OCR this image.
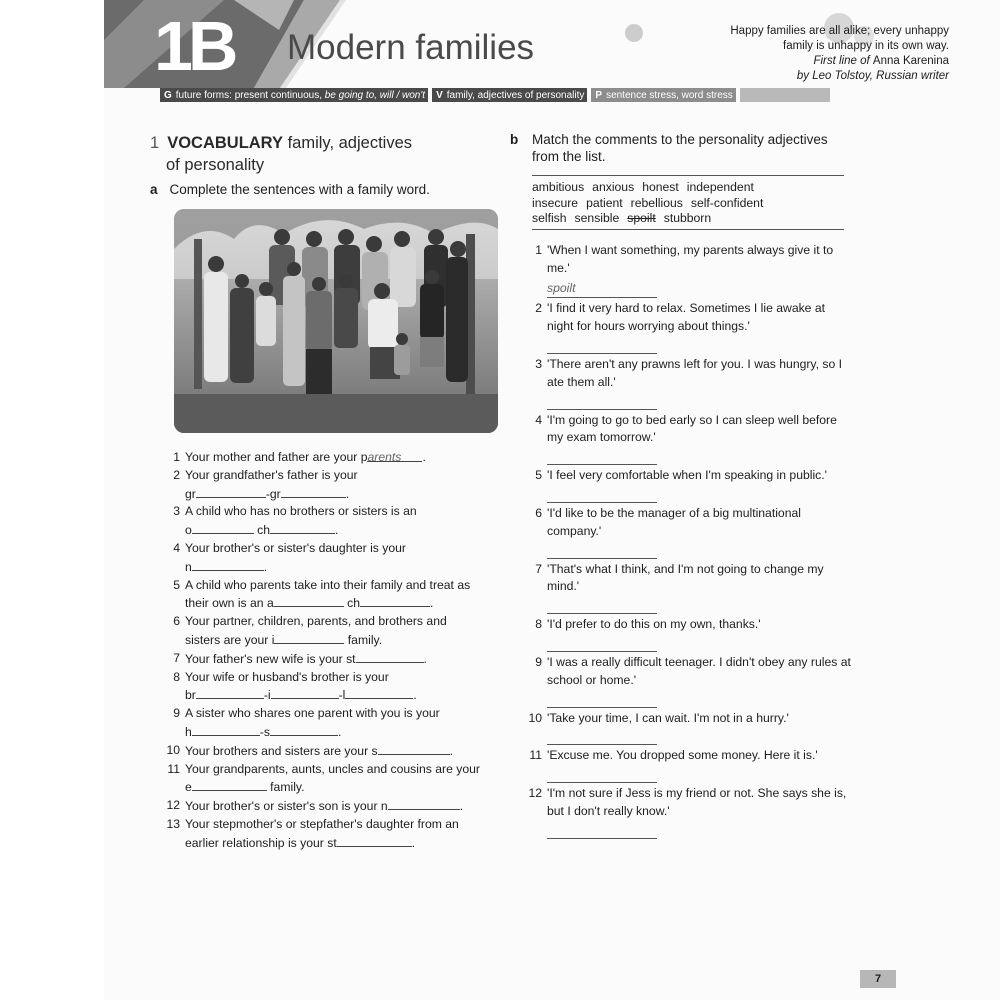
1B Modern families	Happy families are all alike; every unhappy
family is unhappy in its own way.
First line of Anna Karenina
by Leo Tolstoy, Russian writer
G future forms: present continuous,
be going to, will / won't	V family, adjectives of personality	P sentence stress, word stress
1 VOCABULARY family, adjectives
of personality
a Complete the sentences with a family word.
1 Your mother and father are your parents .
2 Your grandfather's father is your
gr	-gr	.
3 A child who has no brothers or sisters is an
o	ch	.
4 Your brother's or sister's daughter is your
n	.
5 A child who parents take into their family and treat as
their own is an a	ch	.
6 Your partner, children, parents, and brothers and
sisters are your i	family.
7 Your father's new wife is your st	.
8 Your wife or husband's brother is your
br	-i	-l	.
9 A sister who shares one parent with you is your
h	-s	.
10 Your brothers and sisters are your s	.
11 Your grandparents, aunts, uncles and cousins are your
e	family.
12 Your brother's or sister's son is your n	.
13 Your stepmother's or stepfather's daughter from an
earlier relationship is your st	.
b	Match the comments to the personality adjectives from the list.
ambitious anxious honest independent
insecure patient rebellious self-confident
selfish sensible spoilt stubborn
1 'When I want something, my parents always give it to me.'
spoilt
2 'I find it very hard to relax. Sometimes I lie awake at night for hours worrying about things.'
3 'There aren't any prawns left for you. I was hungry, so I ate them all.'
4 'I'm going to go to bed early so I can sleep well before my exam tomorrow.'
5 'I feel very comfortable when I'm speaking in public.'
6 'I'd like to be the manager of a big multinational company.'
7 'That's what I think, and I'm not going to change my mind.'
8 'I'd prefer to do this on my own, thanks.'
9 'I was a really difficult teenager. I didn't obey any rules at school or home.'
10 'Take your time, I can wait. I'm not in a hurry.'
11 'Excuse me. You dropped some money. Here it is.'
12 'I'm not sure if Jess is my friend or not. She says she is, but I don't really know.'
7
